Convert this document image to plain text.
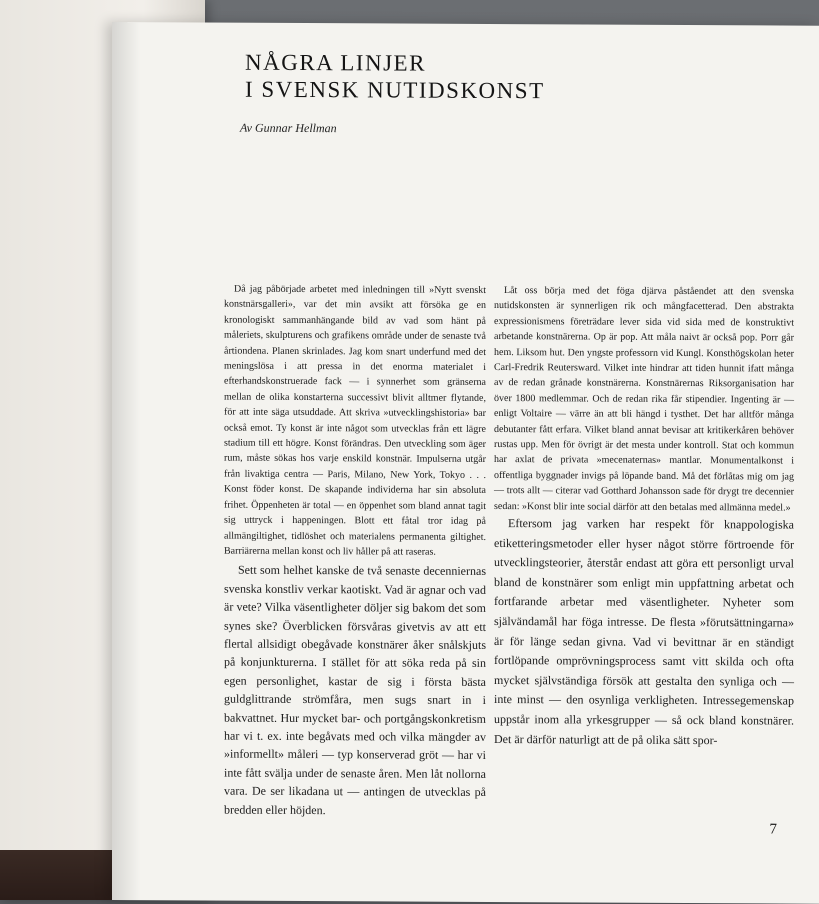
NÅGRA LINJER
I SVENSK NUTIDSKONST
Av Gunnar Hellman

Då jag påbörjade arbetet med inledningen till »Nytt svenskt konstnärsgalleri», var det min avsikt att försöka ge en kronologiskt sammanhängande bild av vad som hänt på måleriets, skulpturens och grafikens område under de senaste två årtiondena. Planen skrinlades. Jag kom snart underfund med det meningslösa i att pressa in det enorma materialet i efterhandskonstruerade fack — i synnerhet som gränserna mellan de olika konstarterna successivt blivit alltmer flytande, för att inte säga utsuddade. Att skriva »utvecklingshistoria» bar också emot. Ty konst är inte något som utvecklas från ett lägre stadium till ett högre. Konst förändras. Den utveckling som äger rum, måste sökas hos varje enskild konstnär. Impulserna utgår från livaktiga centra — Paris, Milano, New York, Tokyo . . . Konst föder konst. De skapande individerna har sin absoluta frihet. Öppenheten är total — en öppenhet som bland annat tagit sig uttryck i happeningen. Blott ett fåtal tror idag på allmängiltighet, tidlöshet och materialens permanenta giltighet. Barriärerna mellan konst och liv håller på att raseras.

Sett som helhet kanske de två senaste decenniernas svenska konstliv verkar kaotiskt. Vad är agnar och vad är vete? Vilka väsentligheter döljer sig bakom det som synes ske? Överblicken försvåras givetvis av att ett flertal allsidigt obegåvade konstnärer åker snålskjuts på konjunkturerna. I stället för att söka reda på sin egen personlighet, kastar de sig i första bästa guldglittrande strömfåra, men sugs snart in i bakvattnet. Hur mycket bar- och portgångskonkretism har vi t. ex. inte begåvats med och vilka mängder av »informellt» måleri — typ konserverad gröt — har vi inte fått svälja under de senaste åren. Men låt nollorna vara. De ser likadana ut — antingen de utvecklas på bredden eller höjden.

Låt oss börja med det föga djärva påståendet att den svenska nutidskonsten är synnerligen rik och mångfacetterad. Den abstrakta expressionismens företrädare lever sida vid sida med de konstruktivt arbetande konstnärerna. Op är pop. Att måla naivt är också pop. Porr går hem. Liksom hut. Den yngste professorn vid Kungl. Konsthögskolan heter Carl-Fredrik Reutersward. Vilket inte hindrar att tiden hunnit ifatt många av de redan grånade konstnärerna. Konstnärernas Riksorganisation har över 1800 medlemmar. Och de redan rika får stipendier. Ingenting är — enligt Voltaire — värre än att bli hängd i tysthet. Det har alltför många debutanter fått erfara. Vilket bland annat bevisar att kritikerkåren behöver rustas upp. Men för övrigt är det mesta under kontroll. Stat och kommun har axlat de privata »mecenaternas» mantlar. Monumentalkonst i offentliga byggnader invigs på löpande band. Må det förlåtas mig om jag — trots allt — citerar vad Gotthard Johansson sade för drygt tre decennier sedan: »Konst blir inte social därför att den betalas med allmänna medel.»

Eftersom jag varken har respekt för knappologiska etiketteringsmetoder eller hyser något större förtroende för utvecklingsteorier, återstår endast att göra ett personligt urval bland de konstnärer som enligt min uppfattning arbetat och fortfarande arbetar med väsentligheter. Nyheter som självändamål har föga intresse. De flesta »förutsättningarna» är för länge sedan givna. Vad vi bevittnar är en ständigt fortlöpande omprövningsprocess samt vitt skilda och ofta mycket självständiga försök att gestalta den synliga och — inte minst — den osynliga verkligheten. Intressegemenskap uppstår inom alla yrkesgrupper — så ock bland konstnärer. Det är därför naturligt att de på olika sätt spor-

7
